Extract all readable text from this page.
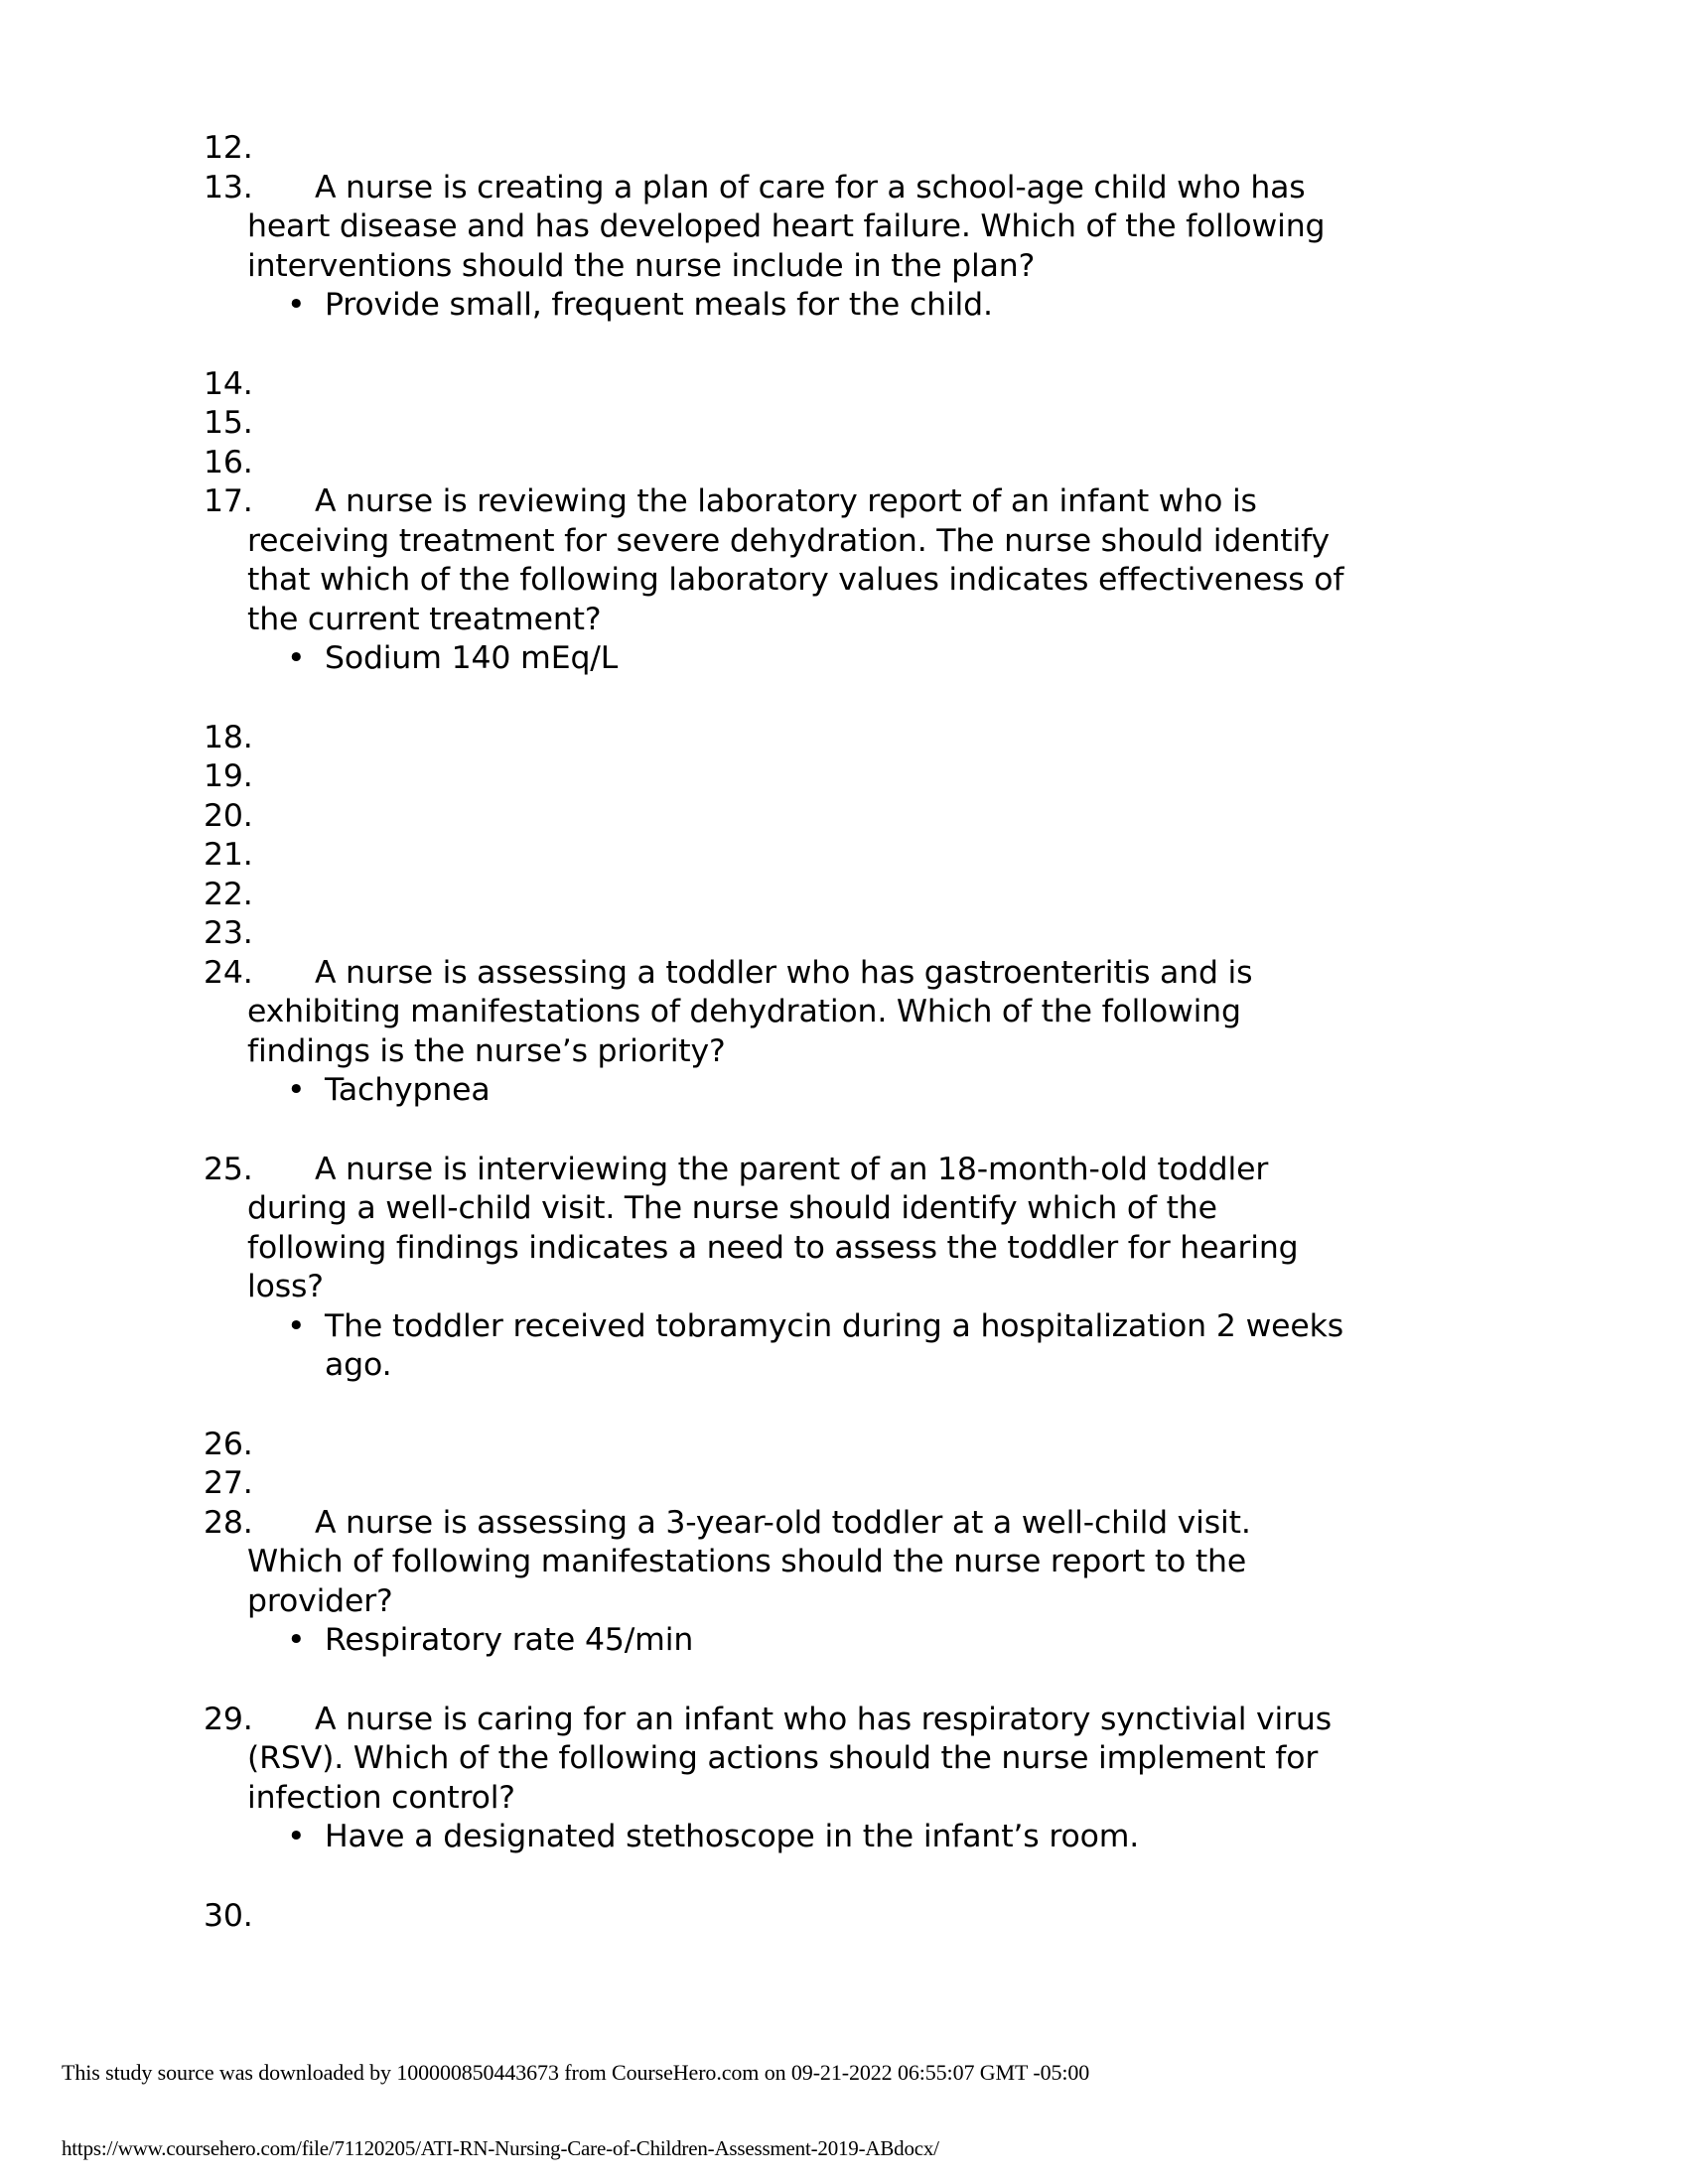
12.
13.	A nurse is creating a plan of care for a school-age child who has heart disease and has developed heart failure. Which of the following interventions should the nurse include in the plan?
• Provide small, frequent meals for the child.
14.
15.
16.
17.	A nurse is reviewing the laboratory report of an infant who is receiving treatment for severe dehydration. The nurse should identify that which of the following laboratory values indicates effectiveness of the current treatment?
• Sodium 140 mEq/L
18.
19.
20.
21.
22.
23.
24.	A nurse is assessing a toddler who has gastroenteritis and is exhibiting manifestations of dehydration. Which of the following findings is the nurse’s priority?
• Tachypnea
25.	A nurse is interviewing the parent of an 18-month-old toddler during a well-child visit. The nurse should identify which of the following findings indicates a need to assess the toddler for hearing loss?
• The toddler received tobramycin during a hospitalization 2 weeks ago.
26.
27.
28.	A nurse is assessing a 3-year-old toddler at a well-child visit. Which of following manifestations should the nurse report to the provider?
• Respiratory rate 45/min
29.	A nurse is caring for an infant who has respiratory synctivial virus (RSV). Which of the following actions should the nurse implement for infection control?
• Have a designated stethoscope in the infant’s room.
30.
This study source was downloaded by 100000850443673 from CourseHero.com on 09-21-2022 06:55:07 GMT -05:00
https://www.coursehero.com/file/71120205/ATI-RN-Nursing-Care-of-Children-Assessment-2019-ABdocx/
